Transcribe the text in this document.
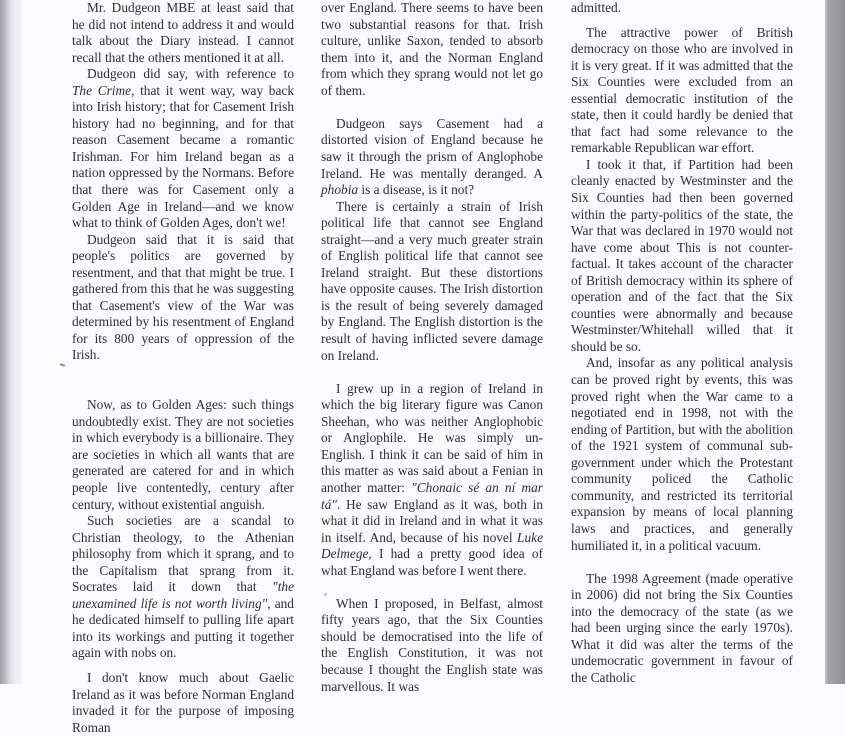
Mr. Dudgeon MBE at least said that he did not intend to address it and would talk about the Diary instead. I cannot recall that the others mentioned it at all.

Dudgeon did say, with reference to The Crime, that it went way, way back into Irish history; that for Casement Irish history had no beginning, and for that reason Casement became a romantic Irishman. For him Ireland began as a nation oppressed by the Normans. Before that there was for Casement only a Golden Age in Ireland—and we know what to think of Golden Ages, don't we!

Dudgeon said that it is said that people's politics are governed by resentment, and that that might be true. I gathered from this that he was suggesting that Casement's view of the War was determined by his resentment of England for its 800 years of oppression of the Irish.

Now, as to Golden Ages: such things undoubtedly exist. They are not societies in which everybody is a billionaire. They are societies in which all wants that are generated are catered for and in which people live contentedly, century after century, without existential anguish.

Such societies are a scandal to Christian theology, to the Athenian philosophy from which it sprang, and to the Capitalism that sprang from it. Socrates laid it down that "the unexamined life is not worth living", and he dedicated himself to pulling life apart into its workings and putting it together again with nobs on.

I don't know much about Gaelic Ireland as it was before Norman England invaded it for the purpose of imposing Roman

over England. There seems to have been two substantial reasons for that. Irish culture, unlike Saxon, tended to absorb them into it, and the Norman England from which they sprang would not let go of them.

Dudgeon says Casement had a distorted vision of England because he saw it through the prism of Anglophobe Ireland. He was mentally deranged. A phobia is a disease, is it not?

There is certainly a strain of Irish political life that cannot see England straight—and a very much greater strain of English political life that cannot see Ireland straight. But these distortions have opposite causes. The Irish distortion is the result of being severely damaged by England. The English distortion is the result of having inflicted severe damage on Ireland.

I grew up in a region of Ireland in which the big literary figure was Canon Sheehan, who was neither Anglophobic or Anglophile. He was simply un-English. I think it can be said of him in this matter as was said about a Fenian in another matter: "Chonaic sé an ní mar tá". He saw England as it was, both in what it did in Ireland and in what it was in itself. And, because of his novel Luke Delmege, I had a pretty good idea of what England was before I went there.

When I proposed, in Belfast, almost fifty years ago, that the Six Counties should be democratised into the life of the English Constitution, it was not because I thought the English state was marvellous. It was

admitted.

The attractive power of British democracy on those who are involved in it is very great. If it was admitted that the Six Counties were excluded from an essential democratic institution of the state, then it could hardly be denied that that fact had some relevance to the remarkable Republican war effort.

I took it that, if Partition had been cleanly enacted by Westminster and the Six Counties had then been governed within the party-politics of the state, the War that was declared in 1970 would not have come about This is not counter-factual. It takes account of the character of British democracy within its sphere of operation and of the fact that the Six counties were abnormally and because Westminster/Whitehall willed that it should be so.

And, insofar as any political analysis can be proved right by events, this was proved right when the War came to a negotiated end in 1998, not with the ending of Partition, but with the abolition of the 1921 system of communal sub-government under which the Protestant community policed the Catholic community, and restricted its territorial expansion by means of local planning laws and practices, and generally humiliated it, in a political vacuum.

The 1998 Agreement (made operative in 2006) did not bring the Six Counties into the democracy of the state (as we had been urging since the early 1970s). What it did was alter the terms of the undemocratic government in favour of the Catholic
